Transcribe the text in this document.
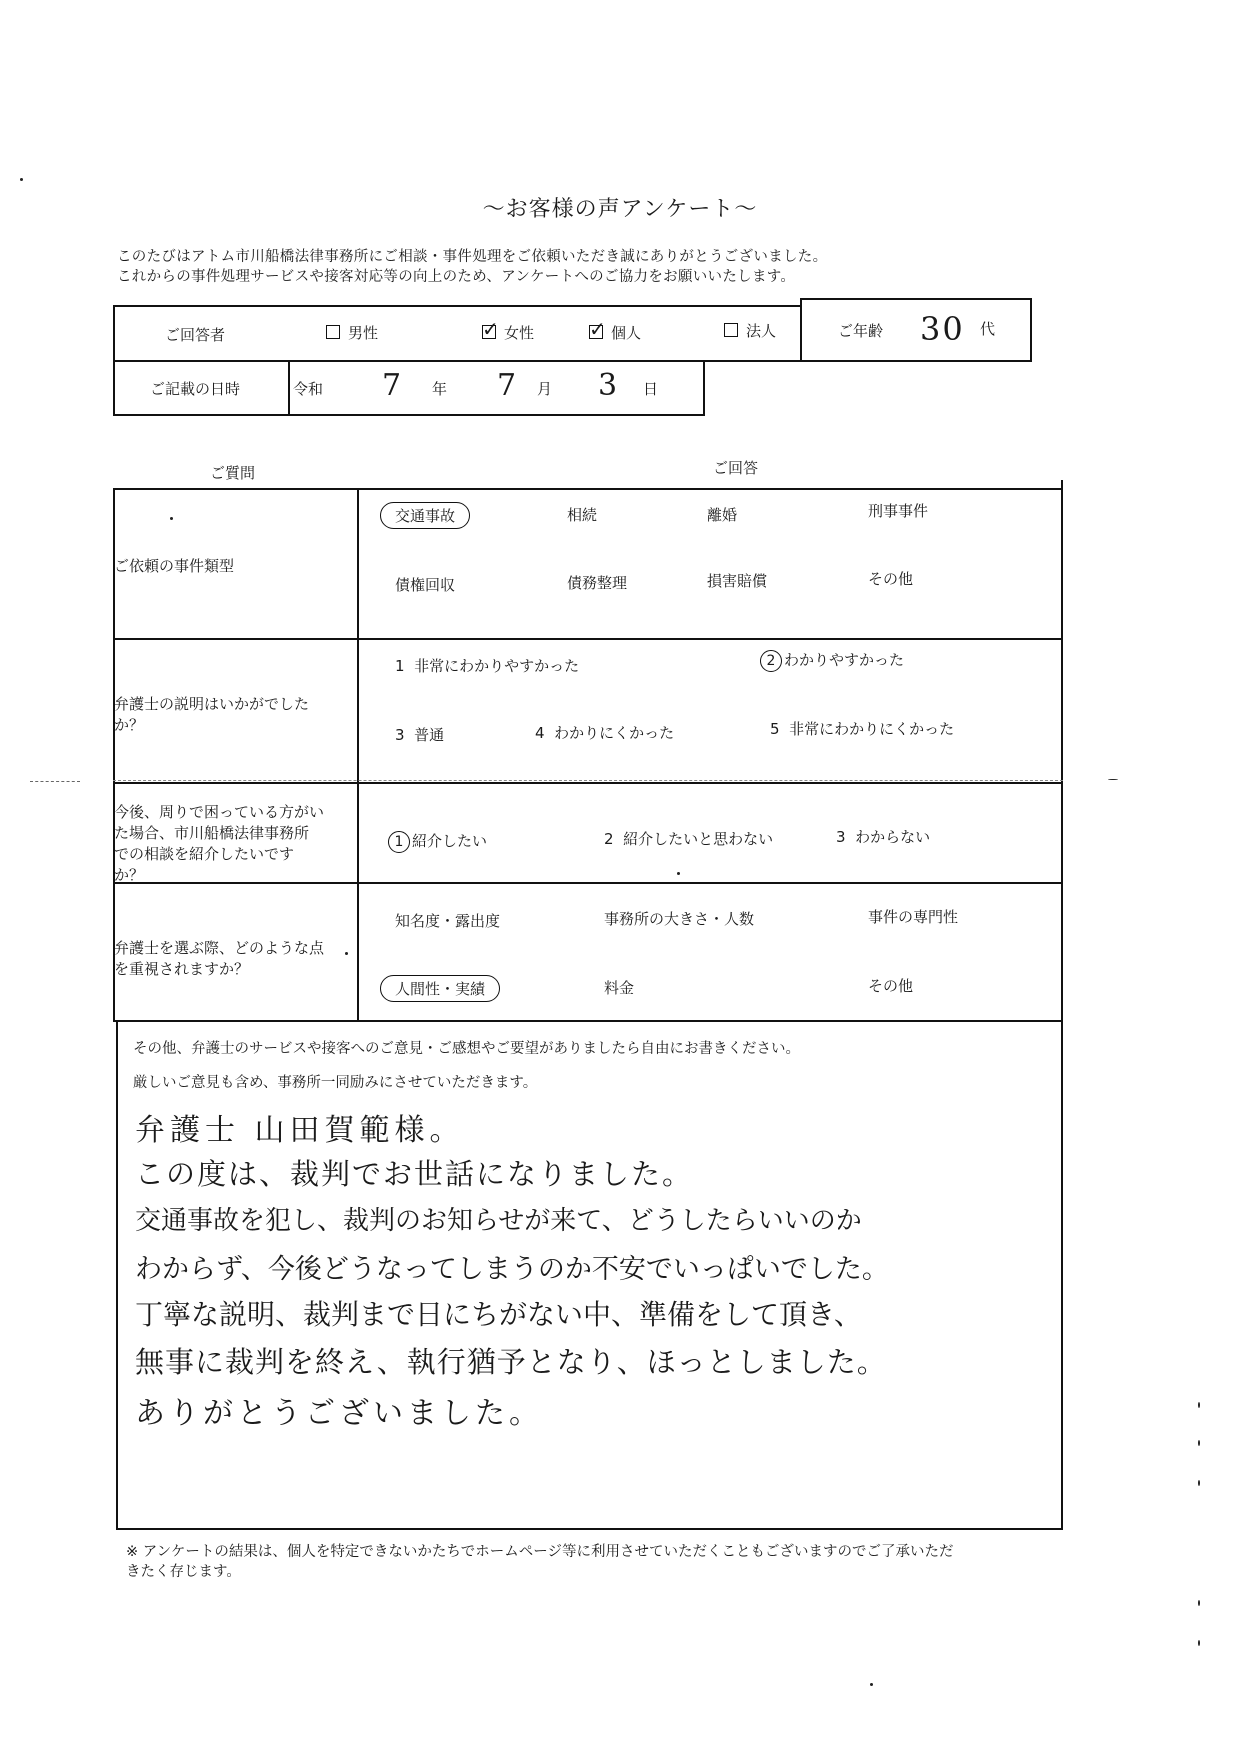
〜お客様の声アンケート〜
このたびはアトム市川船橋法律事務所にご相談・事件処理をご依頼いただき誠にありがとうございました。
これからの事件処理サービスや接客対応等の向上のため、アンケートへのご協力をお願いいたします。
ご回答者	男性 ✓	女性 ✓	個人	法人	ご年齢 30 代
ご記載の日時	令和 7 年 7 月 3 日
ご質問	ご回答
ご依頼の事件類型
交通事故	相続	離婚	刑事事件
債権回収	債務整理	損害賠償	その他
弁護士の説明はいかがでした
か？
1 非常にわかりやすかった	2 わかりやすかった
3 普通	4 わかりにくかった	5 非常にわかりにくかった
今後、周りで困っている方がい
た場合、市川船橋法律事務所
での相談を紹介したいです
か？
1 紹介したい	2 紹介したいと思わない	3 わからない
弁護士を選ぶ際、どのような点
を重視されますか？
知名度・露出度	事務所の大きさ・人数	事件の専門性
人間性・実績	料金	その他
その他、弁護士のサービスや接客へのご意見・ご感想やご要望がありましたら自由にお書きください。
厳しいご意見も含め、事務所一同励みにさせていただきます。
弁護士 山田賀範様。
この度は、裁判でお世話になりました。
交通事故を犯し、裁判のお知らせが来て、どうしたらいいのか
わからず、今後どうなってしまうのか不安でいっぱいでした。
丁寧な説明、裁判まで日にちがない中、準備をして頂き、
無事に裁判を終え、執行猶予となり、ほっとしました。
ありがとうございました。
※ アンケートの結果は、個人を特定できないかたちでホームページ等に利用させていただくこともございますのでご了承いただ
きたく存じます。
